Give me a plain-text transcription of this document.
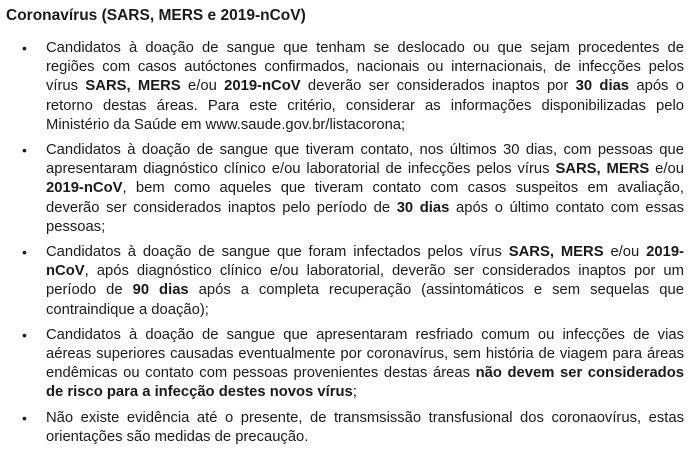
Coronavírus (SARS, MERS e 2019-nCoV)
• Candidatos à doação de sangue que tenham se deslocado ou que sejam procedentes de regiões com casos autóctones confirmados, nacionais ou internacionais, de infecções pelos vírus SARS, MERS e/ou 2019-nCoV deverão ser considerados inaptos por 30 dias após o retorno destas áreas. Para este critério, considerar as informações disponibilizadas pelo Ministério da Saúde em www.saude.gov.br/listacorona;
• Candidatos à doação de sangue que tiveram contato, nos últimos 30 dias, com pessoas que apresentaram diagnóstico clínico e/ou laboratorial de infecções pelos vírus SARS, MERS e/ou 2019-nCoV, bem como aqueles que tiveram contato com casos suspeitos em avaliação, deverão ser considerados inaptos pelo período de 30 dias após o último contato com essas pessoas;
• Candidatos à doação de sangue que foram infectados pelos vírus SARS, MERS e/ou 2019-nCoV, após diagnóstico clínico e/ou laboratorial, deverão ser considerados inaptos por um período de 90 dias após a completa recuperação (assintomáticos e sem sequelas que contraindique a doação);
• Candidatos à doação de sangue que apresentaram resfriado comum ou infecções de vias aéreas superiores causadas eventualmente por coronavírus, sem história de viagem para áreas endêmicas ou contato com pessoas provenientes destas áreas não devem ser considerados de risco para a infecção destes novos vírus;
• Não existe evidência até o presente, de transmsissão transfusional dos coronaovírus, estas orientações são medidas de precaução.
